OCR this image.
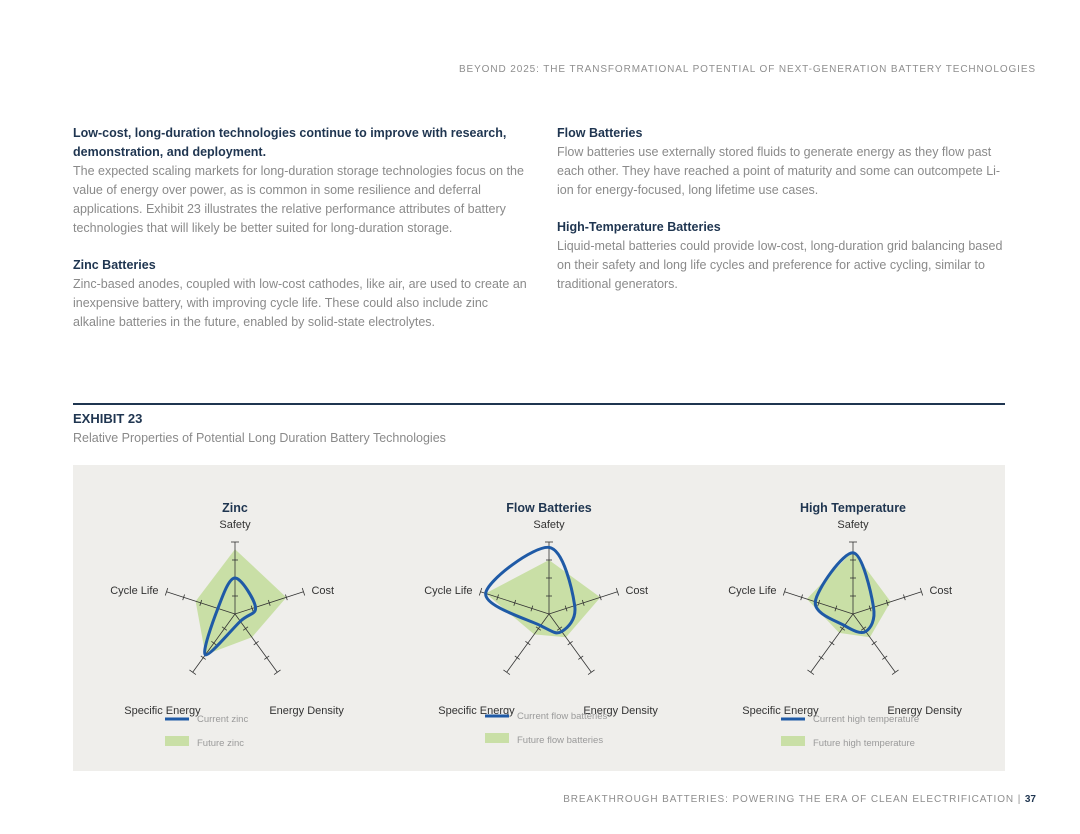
BEYOND 2025: THE TRANSFORMATIONAL POTENTIAL OF NEXT-GENERATION BATTERY TECHNOLOGIES
Low-cost, long-duration technologies continue to improve with research, demonstration, and deployment.
The expected scaling markets for long-duration storage technologies focus on the value of energy over power, as is common in some resilience and deferral applications. Exhibit 23 illustrates the relative performance attributes of battery technologies that will likely be better suited for long-duration storage.
Zinc Batteries
Zinc-based anodes, coupled with low-cost cathodes, like air, are used to create an inexpensive battery, with improving cycle life. These could also include zinc alkaline batteries in the future, enabled by solid-state electrolytes.
Flow Batteries
Flow batteries use externally stored fluids to generate energy as they flow past each other. They have reached a point of maturity and some can outcompete Li-ion for energy-focused, long lifetime use cases.
High-Temperature Batteries
Liquid-metal batteries could provide low-cost, long-duration grid balancing based on their safety and long life cycles and preference for active cycling, similar to traditional generators.
EXHIBIT 23
Relative Properties of Potential Long Duration Battery Technologies
Zinc
Safety
Cost
Energy Density
Specific Energy
Cycle Life
Current zinc
Future zinc
Flow Batteries
Safety
Cost
Energy Density
Specific Energy
Cycle Life
Current flow batteries
Future flow batteries
High Temperature
Safety
Cost
Energy Density
Specific Energy
Cycle Life
Current high temperature
Future high temperature
BREAKTHROUGH BATTERIES: POWERING THE ERA OF CLEAN ELECTRIFICATION | 37
